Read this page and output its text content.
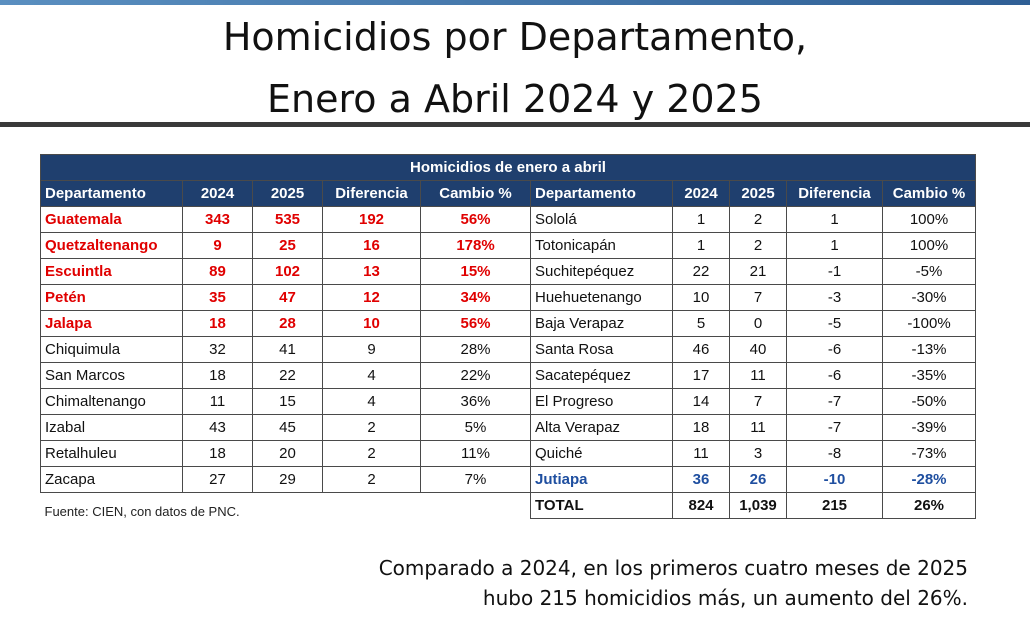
Homicidios por Departamento,
Enero a Abril 2024 y 2025
Homicidios de enero a abril									
Departamento	2024	2025	Diferencia	Cambio %	Departamento	2024	2025	Diferencia	Cambio %
Guatemala	343	535	192	56%	Sololá	1	2	1	100%
Quetzaltenango	9	25	16	178%	Totonicapán	1	2	1	100%
Escuintla	89	102	13	15%	Suchitepéquez	22	21	-1	-5%
Petén	35	47	12	34%	Huehuetenango	10	7	-3	-30%
Jalapa	18	28	10	56%	Baja Verapaz	5	0	-5	-100%
Chiquimula	32	41	9	28%	Santa Rosa	46	40	-6	-13%
San Marcos	18	22	4	22%	Sacatepéquez	17	11	-6	-35%
Chimaltenango	11	15	4	36%	El Progreso	14	7	-7	-50%
Izabal	43	45	2	5%	Alta Verapaz	18	11	-7	-39%
Retalhuleu	18	20	2	11%	Quiché	11	3	-8	-73%
Zacapa	27	29	2	7%	Jutiapa	36	26	-10	-28%
Fuente: CIEN, con datos de PNC.					TOTAL	824	1,039	215	26%
Comparado a 2024, en los primeros cuatro meses de 2025
hubo 215 homicidios más, un aumento del 26%.
